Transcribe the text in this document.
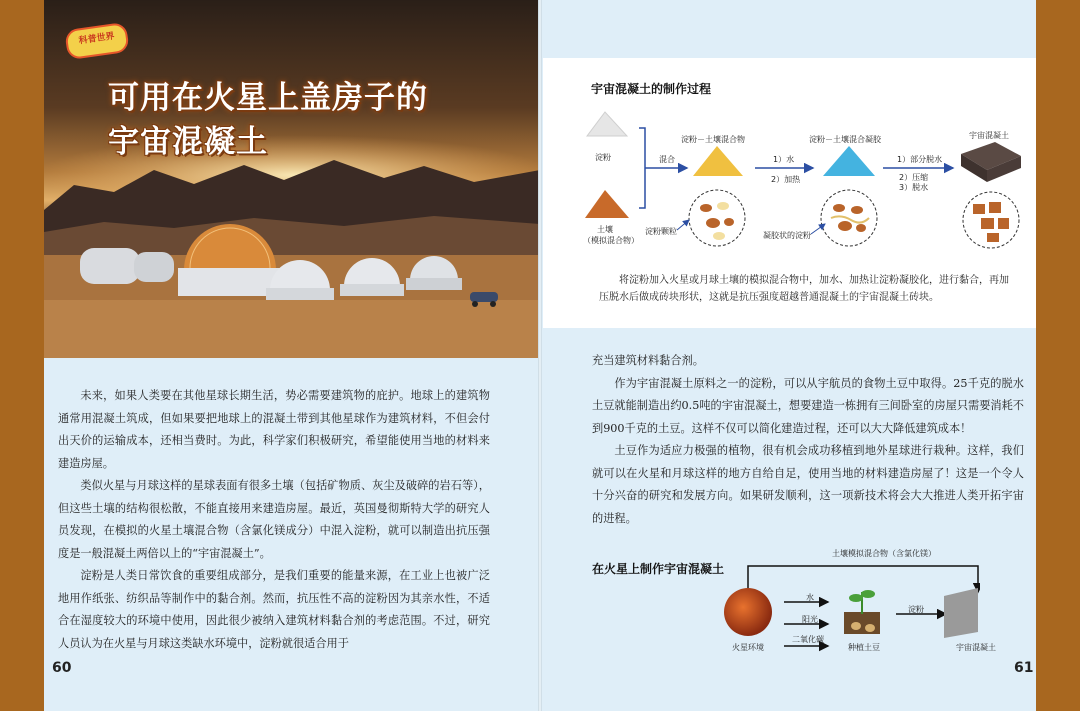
科普世界
可用在火星上盖房子的
宇宙混凝土

未来，如果人类要在其他星球长期生活，势必需要建筑物的庇护。地球上的建筑物通常用混凝土筑成，但如果要把地球上的混凝土带到其他星球作为建筑材料，不但会付出天价的运输成本，还相当费时。为此，科学家们积极研究，希望能使用当地的材料来建造房屋。

类似火星与月球这样的星球表面有很多土壤（包括矿物质、灰尘及破碎的岩石等），但这些土壤的结构很松散，不能直接用来建造房屋。最近，英国曼彻斯特大学的研究人员发现，在模拟的火星土壤混合物（含氯化镁成分）中混入淀粉，就可以制造出抗压强度是一般混凝土两倍以上的“宇宙混凝土”。

淀粉是人类日常饮食的重要组成部分，是我们重要的能量来源，在工业上也被广泛地用作纸张、纺织品等制作中的黏合剂。然而，抗压性不高的淀粉因为其亲水性，不适合在湿度较大的环境中使用，因此很少被纳入建筑材料黏合剂的考虑范围。不过，研究人员认为在火星与月球这类缺水环境中，淀粉就很适合用于

60
宇宙混凝土的制作过程
淀粉
土壤
（模拟混合物）
混合
淀粉－土壤混合物
1）水
2）加热
淀粉－土壤混合凝胶
1）部分脱水
2）压缩
3）脱水
宇宙混凝土
淀粉颗粒	凝胶状的淀粉
将淀粉加入火星或月球土壤的模拟混合物中，加水、加热让淀粉凝胶化，进行黏合，再加压脱水后做成砖块形状，这就是抗压强度超越普通混凝土的宇宙混凝土砖块。

充当建筑材料黏合剂。

作为宇宙混凝土原料之一的淀粉，可以从宇航员的食物土豆中取得。25千克的脱水土豆就能制造出约0.5吨的宇宙混凝土，想要建造一栋拥有三间卧室的房屋只需要消耗不到900千克的土豆。这样不仅可以简化建造过程，还可以大大降低建筑成本！

土豆作为适应力极强的植物，很有机会成功移植到地外星球进行栽种。这样，我们就可以在火星和月球这样的地方自给自足，使用当地的材料建造房屋了！这是一个令人十分兴奋的研究和发展方向。如果研发顺利，这一项新技术将会大大推进人类开拓宇宙的进程。

在火星上制作宇宙混凝土
土壤模拟混合物（含氯化镁）
水
阳光
二氧化碳
火星环境	种植土豆
淀粉
宇宙混凝土
61
